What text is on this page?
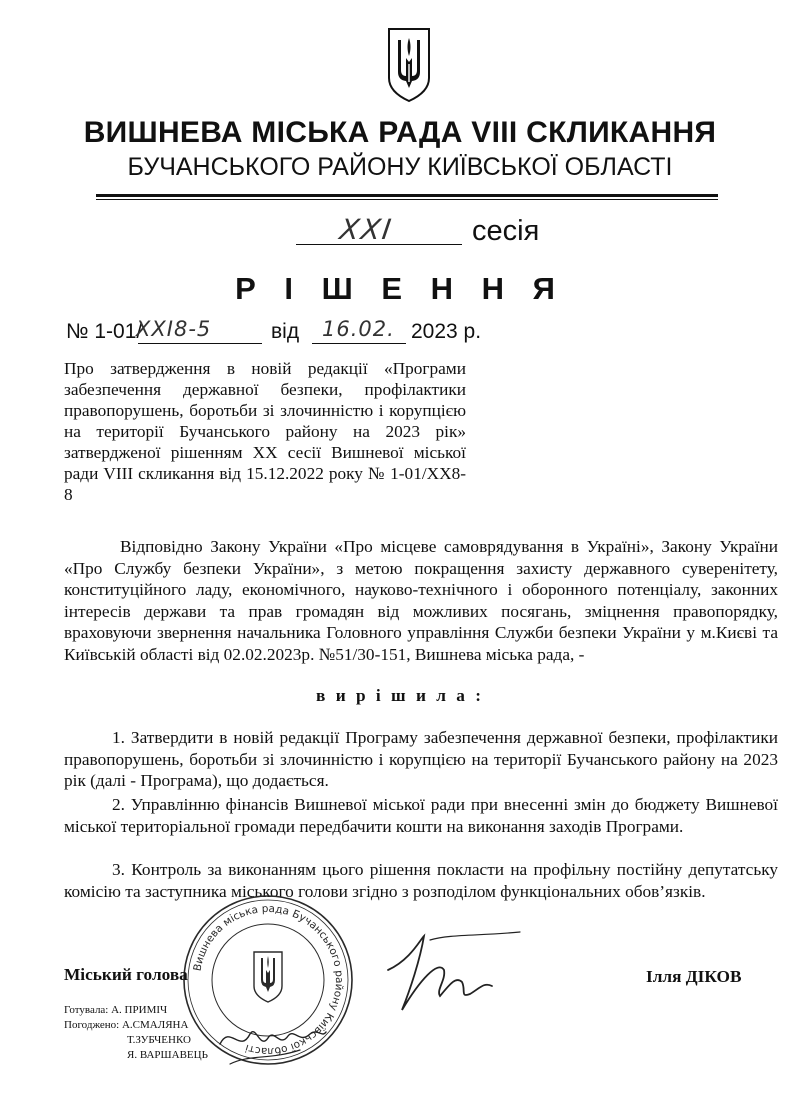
ВИШНЕВА МІСЬКА РАДА VIII СКЛИКАННЯ
БУЧАНСЬКОГО РАЙОНУ КИЇВСЬКОЇ ОБЛАСТІ
XXI	сесія
Р І Ш Е Н Н Я
№ 1-01/
XXI8-5	від 16.02. 2023 р.
Про затвердження в новій редакції «Програми забезпечення державної безпеки, профілактики правопорушень, боротьби зі злочинністю і корупцією на території Бучанського району на 2023 рік» затвердженої рішенням XX сесії Вишневої міської ради VIII скликання від 15.12.2022 року № 1-01/XX8-8
Відповідно Закону України «Про місцеве самоврядування в Україні», Закону України «Про Службу безпеки України», з метою покращення захисту державного суверенітету, конституційного ладу, економічного, науково-технічного і оборонного потенціалу, законних інтересів держави та прав громадян від можливих посягань, зміцнення правопорядку, враховуючи звернення начальника Головного управління Служби безпеки України у м.Києві та Київській області від 02.02.2023р. №51/30-151, Вишнева міська рада, -
в и р і ш и л а :
1. Затвердити в новій редакції Програму забезпечення державної безпеки, профілактики правопорушень, боротьби зі злочинністю і корупцією на території Бучанського району на 2023 рік (далі - Програма), що додається.
2. Управлінню фінансів Вишневої міської ради при внесенні змін до бюджету Вишневої міської територіальної громади передбачити кошти на виконання заходів Програми.
3. Контроль за виконанням цього рішення покласти на профільну постійну депутатську комісію та заступника міського голови згідно з розподілом функціональних обов’язків.
Вишнева міська рада Бучанського району Київської області
Міський голова	Ілля ДІКОВ
Готувала: А. ПРИМІЧ
Погоджено: А.СМАЛЯНА
Т.ЗУБЧЕНКО
Я. ВАРШАВЕЦЬ
